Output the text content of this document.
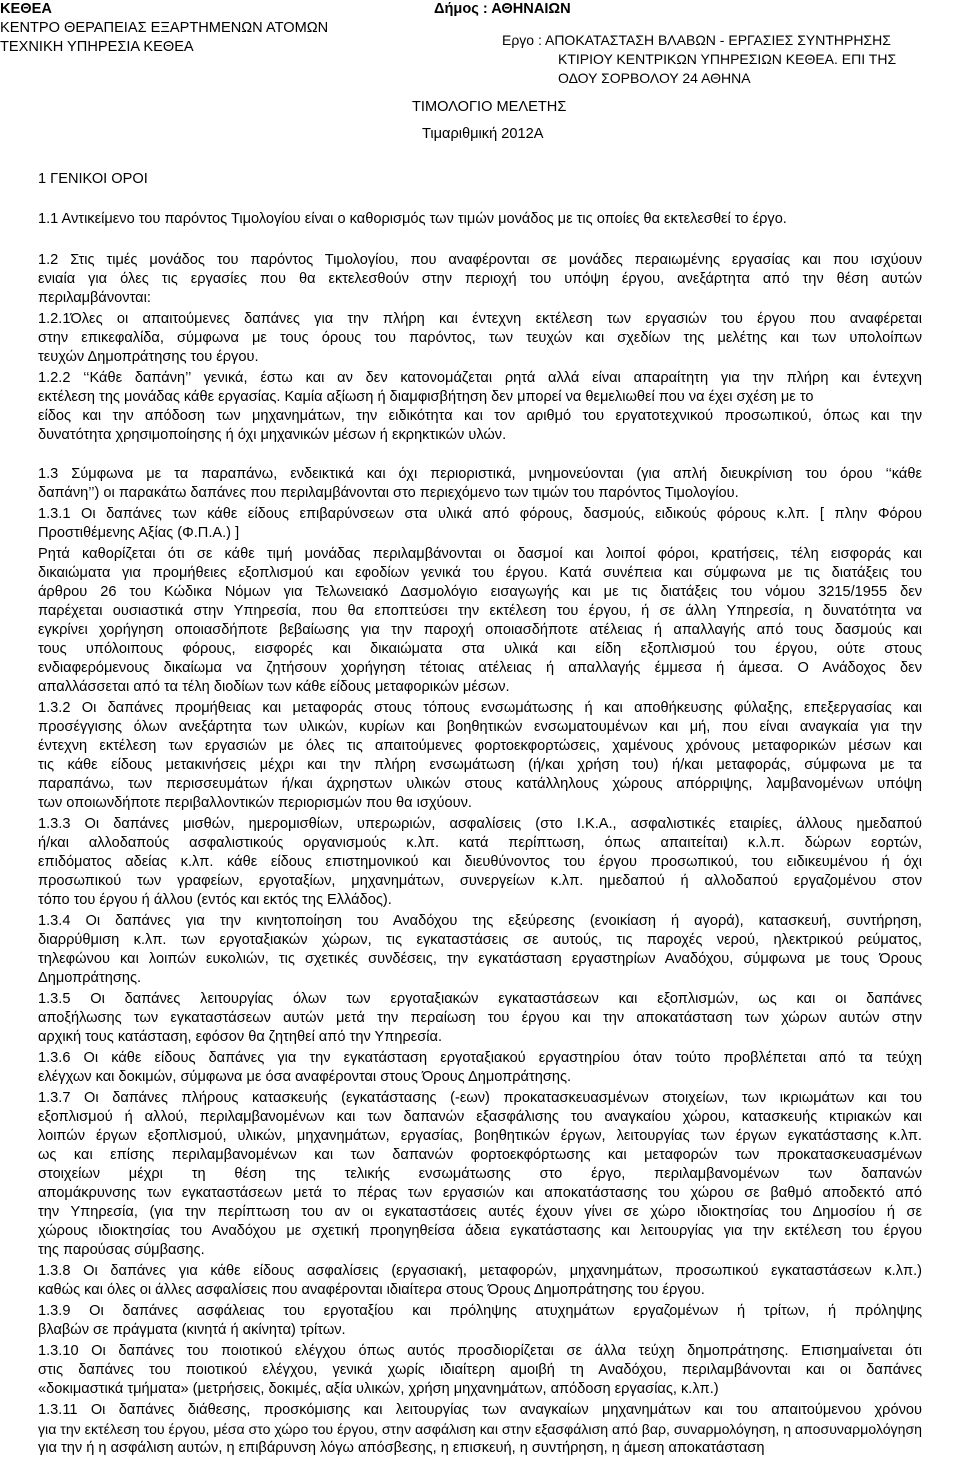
ΚΕΘΕΑ
ΚΕΝΤΡΟ ΘΕΡΑΠΕΙΑΣ ΕΞΑΡΤΗΜΕΝΩΝ ΑΤΟΜΩΝ
ΤΕΧΝΙΚΗ ΥΠΗΡΕΣΙΑ ΚΕΘΕΑ
Δήμος : ΑΘΗΝΑΙΩΝ
Εργο : ΑΠΟΚΑΤΑΣΤΑΣΗ ΒΛΑΒΩΝ - ΕΡΓΑΣΙΕΣ ΣΥΝΤΗΡΗΣΗΣ
ΚΤΙΡΙΟΥ ΚΕΝΤΡΙΚΩΝ ΥΠΗΡΕΣΙΩΝ ΚΕΘΕΑ. ΕΠΙ ΤΗΣ
ΟΔΟΥ ΣΟΡΒΟΛΟΥ 24 ΑΘΗΝΑ
ΤΙΜΟΛΟΓΙΟ ΜΕΛΕΤΗΣ
Τιμαριθμική 2012Α
1 ΓΕΝΙΚΟΙ ΟΡΟΙ
1.1 Αντικείμενο του παρόντος Τιμολογίου είναι ο καθορισμός των τιμών μονάδος με τις οποίες θα εκτελεσθεί το έργο.
1.2 Στις τιμές μονάδος του παρόντος Τιμολογίου, που αναφέρονται σε μονάδες περαιωμένης εργασίας και που ισχύουν
ενιαία για όλες τις εργασίες που θα εκτελεσθούν στην περιοχή του υπόψη έργου, ανεξάρτητα από την θέση αυτών
περιλαμβάνονται:
1.2.1Όλες οι απαιτούμενες δαπάνες για την πλήρη και έντεχνη εκτέλεση των εργασιών του έργου που αναφέρεται
στην επικεφαλίδα, σύμφωνα με τους όρους του παρόντος, των τευχών και σχεδίων της μελέτης και των υπολοίπων
τευχών Δημοπράτησης του έργου.
1.2.2 ‘‘Κάθε δαπάνη’’ γενικά, έστω και αν δεν κατονομάζεται ρητά αλλά είναι απαραίτητη για την πλήρη και έντεχνη
εκτέλεση της μονάδας κάθε εργασίας. Καμία αξίωση ή διαμφισβήτηση δεν μπορεί να θεμελιωθεί που να έχει σχέση με το
είδος και την απόδοση των μηχανημάτων, την ειδικότητα και τον αριθμό του εργατοτεχνικού προσωπικού, όπως και την
δυνατότητα χρησιμοποίησης ή όχι μηχανικών μέσων ή εκρηκτικών υλών.
1.3 Σύμφωνα με τα παραπάνω, ενδεικτικά και όχι περιοριστικά, μνημονεύονται (για απλή διευκρίνιση του όρου ‘‘κάθε
δαπάνη’’) οι παρακάτω δαπάνες που περιλαμβάνονται στο περιεχόμενο των τιμών του παρόντος Τιμολογίου.
1.3.1 Οι δαπάνες των κάθε είδους επιβαρύνσεων στα υλικά από φόρους, δασμούς, ειδικούς φόρους κ.λπ. [ πλην Φόρου
Προστιθέμενης Αξίας (Φ.Π.Α.) ]
Ρητά καθορίζεται ότι σε κάθε τιμή μονάδας περιλαμβάνονται οι δασμοί και λοιποί φόροι, κρατήσεις, τέλη εισφοράς και
δικαιώματα για προμήθειες εξοπλισμού και εφοδίων γενικά του έργου. Κατά συνέπεια και σύμφωνα με τις διατάξεις του
άρθρου 26 του Κώδικα Νόμων για Τελωνειακό Δασμολόγιο εισαγωγής και με τις διατάξεις του νόμου 3215/1955 δεν
παρέχεται ουσιαστικά στην Υπηρεσία, που θα εποπτεύσει την εκτέλεση του έργου, ή σε άλλη Υπηρεσία, η δυνατότητα να
εγκρίνει χορήγηση οποιασδήποτε βεβαίωσης για την παροχή οποιασδήποτε ατέλειας ή απαλλαγής από τους δασμούς και
τους υπόλοιπους φόρους, εισφορές και δικαιώματα στα υλικά και είδη εξοπλισμού του έργου, ούτε στους
ενδιαφερόμενους δικαίωμα να ζητήσουν χορήγηση τέτοιας ατέλειας ή απαλλαγής έμμεσα ή άμεσα. Ο Ανάδοχος δεν
απαλλάσσεται από τα τέλη διοδίων των κάθε είδους μεταφορικών μέσων.
1.3.2 Οι δαπάνες προμήθειας και μεταφοράς στους τόπους ενσωμάτωσης ή και αποθήκευσης φύλαξης, επεξεργασίας και
προσέγγισης όλων ανεξάρτητα των υλικών, κυρίων και βοηθητικών ενσωματουμένων και μή, που είναι αναγκαία για την
έντεχνη εκτέλεση των εργασιών με όλες τις απαιτούμενες φορτοεκφορτώσεις, χαμένους χρόνους μεταφορικών μέσων και
τις κάθε είδους μετακινήσεις μέχρι και την πλήρη ενσωμάτωση (ή/και χρήση του) ή/και μεταφοράς, σύμφωνα με τα
παραπάνω, των περισσευμάτων ή/και άχρηστων υλικών στους κατάλληλους χώρους απόρριψης, λαμβανομένων υπόψη
των οποιωνδήποτε περιβαλλοντικών περιορισμών που θα ισχύουν.
1.3.3 Οι δαπάνες μισθών, ημερομισθίων, υπερωριών, ασφαλίσεις (στο Ι.Κ.Α., ασφαλιστικές εταιρίες, άλλους ημεδαπού
ή/και αλλοδαπούς ασφαλιστικούς οργανισμούς κ.λπ. κατά περίπτωση, όπως απαιτείται) κ.λ.π. δώρων εορτών,
επιδόματος αδείας κ.λπ. κάθε είδους επιστημονικού και διευθύνοντος του έργου προσωπικού, του ειδικευμένου ή όχι
προσωπικού των γραφείων, εργοταξίων, μηχανημάτων, συνεργείων κ.λπ. ημεδαπού ή αλλοδαπού εργαζομένου στον
τόπο του έργου ή άλλου (εντός και εκτός της Ελλάδος).
1.3.4 Οι δαπάνες για την κινητοποίηση του Αναδόχου της εξεύρεσης (ενοικίαση ή αγορά), κατασκευή, συντήρηση,
διαρρύθμιση κ.λπ. των εργοταξιακών χώρων, τις εγκαταστάσεις σε αυτούς, τις παροχές νερού, ηλεκτρικού ρεύματος,
τηλεφώνου και λοιπών ευκολιών, τις σχετικές συνδέσεις, την εγκατάσταση εργαστηρίων Αναδόχου, σύμφωνα με τους Όρους
Δημοπράτησης.
1.3.5 Οι δαπάνες λειτουργίας όλων των εργοταξιακών εγκαταστάσεων και εξοπλισμών, ως και οι δαπάνες
αποξήλωσης των εγκαταστάσεων αυτών μετά την περαίωση του έργου και την αποκατάσταση των χώρων αυτών στην
αρχική τους κατάσταση, εφόσον θα ζητηθεί από την Υπηρεσία.
1.3.6 Οι κάθε είδους δαπάνες για την εγκατάσταση εργοταξιακού εργαστηρίου όταν τούτο προβλέπεται από τα τεύχη
ελέγχων και δοκιμών, σύμφωνα με όσα αναφέρονται στους Όρους Δημοπράτησης.
1.3.7 Οι δαπάνες πλήρους κατασκευής (εγκατάστασης (-εων) προκατασκευασμένων στοιχείων, των ικριωμάτων και του
εξοπλισμού ή αλλού, περιλαμβανομένων και των δαπανών εξασφάλισης του αναγκαίου χώρου, κατασκευής κτιριακών και
λοιπών έργων εξοπλισμού, υλικών, μηχανημάτων, εργασίας, βοηθητικών έργων, λειτουργίας των έργων εγκατάστασης κ.λπ.
ως και επίσης περιλαμβανομένων και των δαπανών φορτοεκφόρτωσης και μεταφορών των προκατασκευασμένων
στοιχείων μέχρι τη θέση της τελικής ενσωμάτωσης στο έργο, περιλαμβανομένων των δαπανών
απομάκρυνσης των εγκαταστάσεων μετά το πέρας των εργασιών και αποκατάστασης του χώρου σε βαθμό αποδεκτό από
την Υπηρεσία, (για την περίπτωση του αν οι εγκαταστάσεις αυτές έχουν γίνει σε χώρο ιδιοκτησίας του Δημοσίου ή σε
χώρους ιδιοκτησίας του Αναδόχου με σχετική προηγηθείσα άδεια εγκατάστασης και λειτουργίας για την εκτέλεση του έργου
της παρούσας σύμβασης.
1.3.8 Οι δαπάνες για κάθε είδους ασφαλίσεις (εργασιακή, μεταφορών, μηχανημάτων, προσωπικού εγκαταστάσεων κ.λπ.)
καθώς και όλες οι άλλες ασφαλίσεις που αναφέρονται ιδιαίτερα στους Όρους Δημοπράτησης του έργου.
1.3.9 Οι δαπάνες ασφάλειας του εργοταξίου και πρόληψης ατυχημάτων εργαζομένων ή τρίτων, ή πρόληψης
βλαβών σε πράγματα (κινητά ή ακίνητα) τρίτων.
1.3.10 Οι δαπάνες του ποιοτικού ελέγχου όπως αυτός προσδιορίζεται σε άλλα τεύχη δημοπράτησης. Επισημαίνεται ότι
στις δαπάνες του ποιοτικού ελέγχου, γενικά χωρίς ιδιαίτερη αμοιβή τη Αναδόχου, περιλαμβάνονται και οι δαπάνες
«δοκιμαστικά τμήματα» (μετρήσεις, δοκιμές, αξία υλικών, χρήση μηχανημάτων, απόδοση εργασίας, κ.λπ.)
1.3.11 Οι δαπάνες διάθεσης, προσκόμισης και λειτουργίας των αναγκαίων μηχανημάτων και του απαιτούμενου χρόνου
για την εκτέλεση του έργου, μέσα στο χώρο του έργου, στην ασφάλιση και στην εξασφάλιση από βαρ, συναρμολόγηση, η αποσυναρμολόγηση
για την ή η ασφάλιση αυτών, η επιβάρυνση λόγω απόσβεσης, η επισκευή, η συντήρηση, η άμεση αποκατάσταση
